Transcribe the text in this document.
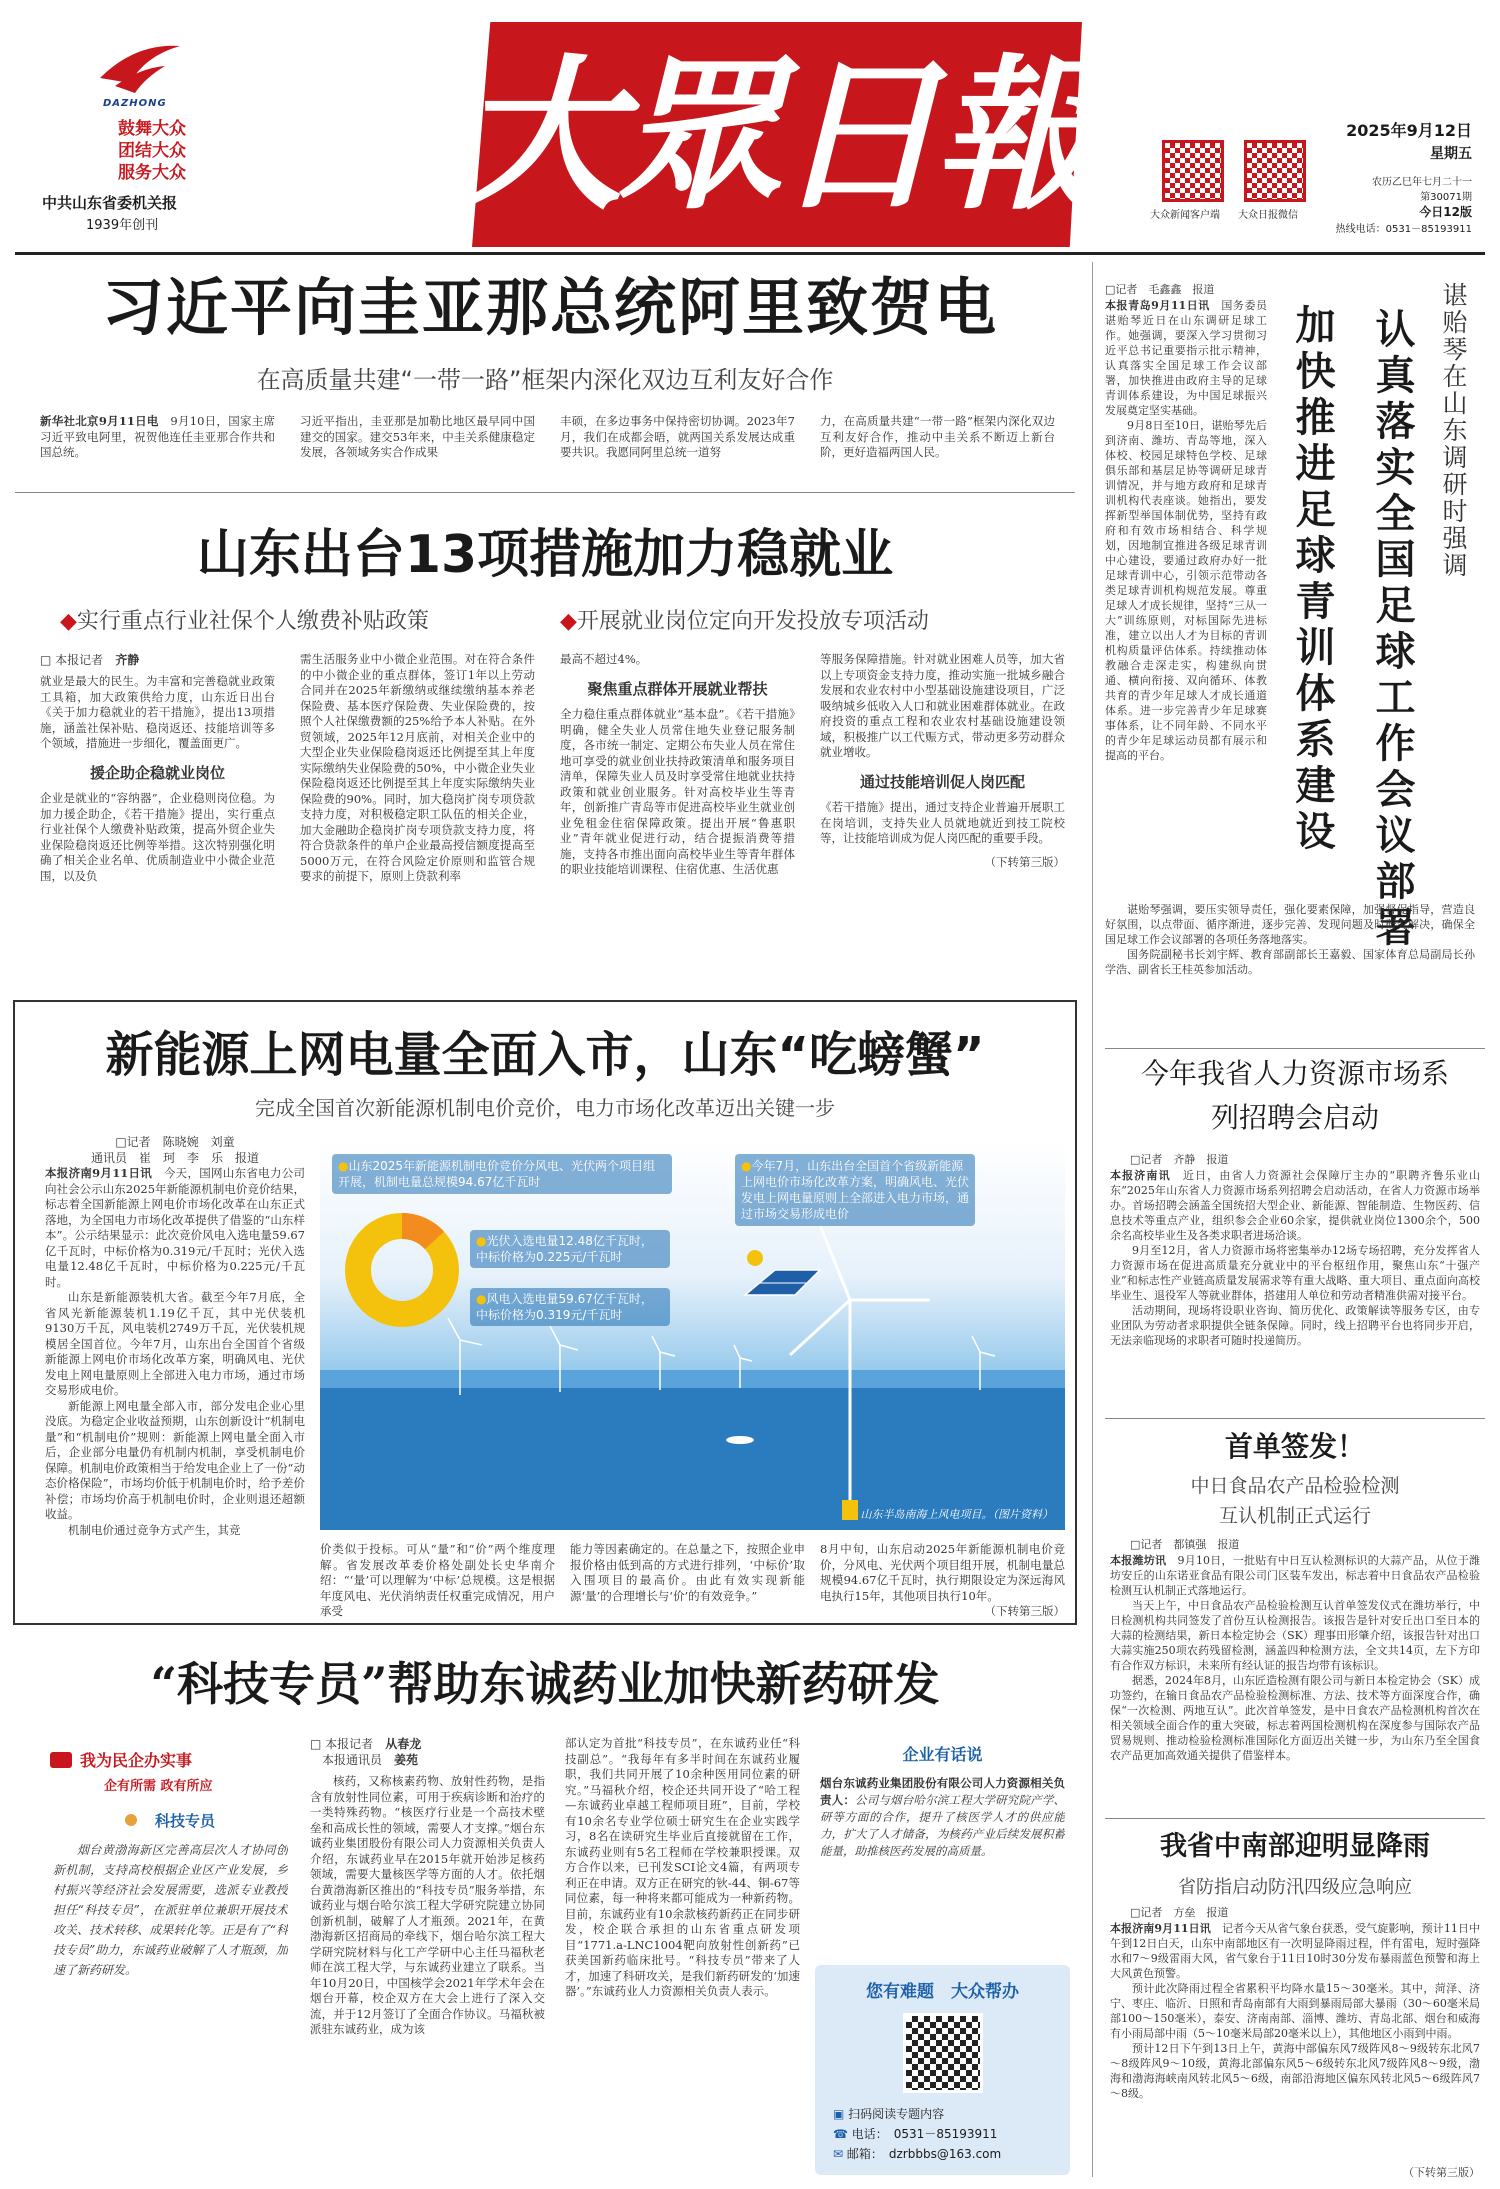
DAZHONG
鼓舞大众
团结大众
服务大众
中共山东省委机关报
1939年创刊 大眾日報	大众新闻客户端 大众日报微信
2025年9月12日
星期五
农历乙巳年七月二十一
第30071期
今日12版
热线电话：0531－85193911
习近平向圭亚那总统阿里致贺电
在高质量共建“一带一路”框架内深化双边互利友好合作
新华社北京9月11日电　 9月10日，国家主席习近平致电阿里，祝贺他连任圭亚那合作共和国总统。
习近平指出，圭亚那是加勒比地区最早同中国建交的国家。建交53年来，中圭关系健康稳定发展，各领域务实合作成果
丰硕，在多边事务中保持密切协调。2023年7月，我们在成都会晤，就两国关系发展达成重要共识。我愿同阿里总统一道努
力，在高质量共建“一带一路”框架内深化双边互利友好合作，推动中圭关系不断迈上新台阶，更好造福两国人民。
山东出台13项措施加力稳就业
◆实行重点行业社保个人缴费补贴政策	◆开展就业岗位定向开发投放专项活动
□ 本报记者　 齐静
就业是最大的民生。为丰富和完善稳就业政策工具箱，加大政策供给力度，山东近日出台《关于加力稳就业的若干措施》，提出13项措施，涵盖社保补贴、稳岗返还、技能培训等多个领域，措施进一步细化，覆盖面更广。
援企助企稳就业岗位
企业是就业的“容纳器”，企业稳则岗位稳。为加力援企助企，《若干措施》提出，实行重点行业社保个人缴费补贴政策，提高外贸企业失业保险稳岗返还比例等举措。这次特别强化明确了相关企业名单、优质制造业中小微企业范围，以及负
需生活服务业中小微企业范围。对在符合条件的中小微企业的重点群体，签订1年以上劳动合同并在2025年新缴纳或继续缴纳基本养老保险费、基本医疗保险费、失业保险费的，按照个人社保缴费额的25%给予本人补贴。在外贸领域，2025年12月底前，对相关企业中的大型企业失业保险稳岗返还比例提至其上年度实际缴纳失业保险费的50%，中小微企业失业保险稳岗返还比例提至其上年度实际缴纳失业保险费的90%。同时，加大稳岗扩岗专项贷款支持力度，对积极稳定职工队伍的相关企业，加大金融助企稳岗扩岗专项贷款支持力度，将符合贷款条件的单户企业最高授信额度提高至5000万元，在符合风险定价原则和监管合规要求的前提下，原则上贷款利率
最高不超过4%。
聚焦重点群体开展就业帮扶
全力稳住重点群体就业“基本盘”。《若干措施》明确，健全失业人员常住地失业登记服务制度，各市统一制定、定期公布失业人员在常住地可享受的就业创业扶持政策清单和服务项目清单，保障失业人员及时享受常住地就业扶持政策和就业创业服务。针对高校毕业生等青年，创新推广青岛等市促进高校毕业生就业创业免租金住宿保障政策。提出开展“鲁惠职业”青年就业促进行动，结合提振消费等措施，支持各市推出面向高校毕业生等青年群体的职业技能培训课程、住宿优惠、生活优惠
等服务保障措施。针对就业困难人员等，加大省以上专项资金支持力度，推动实施一批城乡融合发展和农业农村中小型基础设施建设项目，广泛吸纳城乡低收入人口和就业困难群体就业。在政府投资的重点工程和农业农村基础设施建设领域，积极推广以工代赈方式，带动更多劳动群众就业增收。
通过技能培训促人岗匹配
《若干措施》提出，通过支持企业普遍开展职工在岗培训，支持失业人员就地就近到技工院校等，让技能培训成为促人岗匹配的重要手段。
（下转第三版）
新能源上网电量全面入市，山东“吃螃蟹”
完成全国首次新能源机制电价竞价，电力市场化改革迈出关键一步
□记者　陈晓婉　刘童
通讯员　崔　珂　李　乐　报道
本报济南9月11日讯　 今天，国网山东省电力公司向社会公示山东2025年新能源机制电价竞价结果，标志着全国新能源上网电价市场化改革在山东正式落地，为全国电力市场化改革提供了借鉴的“山东样本”。公示结果显示：此次竞价风电入选电量59.67亿千瓦时，中标价格为0.319元/千瓦时；光伏入选电量12.48亿千瓦时，中标价格为0.225元/千瓦时。
山东是新能源装机大省。截至今年7月底，全省风光新能源装机1.19亿千瓦，其中光伏装机9130万千瓦，风电装机2749万千瓦，光伏装机规模居全国首位。今年7月，山东出台全国首个省级新能源上网电价市场化改革方案，明确风电、光伏发电上网电量原则上全部进入电力市场，通过市场交易形成电价。
新能源上网电量全部入市，部分发电企业心里没底。为稳定企业收益预期，山东创新设计“机制电量”和“机制电价”规则：新能源上网电量全面入市后，企业部分电量仍有机制内机制，享受机制电价保障。机制电价政策相当于给发电企业上了一份“动态价格保险”，市场均价低于机制电价时，给予差价补偿；市场均价高于机制电价时，企业则退还超额收益。
机制电价通过竞争方式产生，其竞
●山东2025年新能源机制电价竞价分风电、光伏两个项目组开展，机制电量总规模94.67亿千瓦时
●光伏入选电量12.48亿千瓦时，中标价格为0.225元/千瓦时
●风电入选电量59.67亿千瓦时，中标价格为0.319元/千瓦时
●今年7月，山东出台全国首个省级新能源上网电价市场化改革方案，明确风电、光伏发电上网电量原则上全部进入电力市场，通过市场交易形成电价
山东半岛南海上风电项目。（图片资料）
价类似于投标。可从“量”和“价”两个维度理解。省发展改革委价格处副处长史华南介绍：“‘量’可以理解为‘中标’总规模。这是根据年度风电、光伏消纳责任权重完成情况，用户承受
能力等因素确定的。在总量之下，按照企业申报价格由低到高的方式进行排列，‘中标价’取入围项目的最高价。由此有效实现新能源‘量’的合理增长与‘价’的有效竞争。”
8月中旬，山东启动2025年新能源机制电价竞价，分风电、光伏两个项目组开展，机制电量总规模94.67亿千瓦时，执行期限设定为深远海风电执行15年，其他项目执行10年。
（下转第三版）
“科技专员”帮助东诚药业加快新药研发
我为民企办实事
企有所需 政有所应
科技专员
烟台黄渤海新区完善高层次人才协同创新机制，支持高校根据企业区产业发展，乡村振兴等经济社会发展需要，选派专业教授担任“科技专员”，在派驻单位兼职开展技术攻关、技术转移、成果转化等。正是有了“科技专员”助力，东诚药业破解了人才瓶颈，加速了新药研发。
□ 本报记者　 从春龙
　本报通讯员　 姜苑
核药，又称核素药物、放射性药物，是指含有放射性同位素，可用于疾病诊断和治疗的一类特殊药物。“核医疗行业是一个高技术壁垒和高成长性的领域，需要人才支撑。”烟台东诚药业集团股份有限公司人力资源相关负责人介绍，东诚药业早在2015年就开始涉足核药领域，需要大量核医学等方面的人才。依托烟台黄渤海新区推出的“科技专员”服务举措，东诚药业与烟台哈尔滨工程大学研究院建立协同创新机制，破解了人才瓶颈。2021年，在黄渤海新区招商局的牵线下，烟台哈尔滨工程大学研究院材料与化工产学研中心主任马福秋老师在滨工程大学，与东诚药业建立了联系。当年10月20日，中国核学会2021年学术年会在烟台开幕，校企双方在大会上进行了深入交流，并于12月签订了全面合作协议。马福秋被派驻东诚药业，成为该
部认定为首批“科技专员”，在东诚药业任“科技副总”。“我每年有多半时间在东诚药业履职，我们共同开展了10余种医用同位素的研究。”马福秋介绍，校企还共同开设了“哈工程—东诚药业卓越工程师项目班”，目前，学校有10余名专业学位硕士研究生在企业实践学习，8名在读研究生毕业后直接就留在工作，东诚药业则有5名工程师在学校兼职授课。双方合作以来，已刊发SCI论文4篇，有两项专利正在申请。双方正在研究的钬-44、铜-67等同位素，每一种将来都可能成为一种新药物。目前，东诚药业有10余款核药新药正在同步研发，校企联合承担的山东省重点研发项目“1771.a-LNC1004靶向放射性创新药”已获美国新药临床批号。“科技专员”带来了人才，加速了科研攻关，是我们新药研发的‘加速器’。”东诚药业人力资源相关负责人表示。
企业有话说
烟台东诚药业集团股份有限公司人力资源相关负责人：公司与烟台哈尔滨工程大学研究院产学、研等方面的合作，提升了核医学人才的供应能力，扩大了人才储备，为核药产业后续发展积蓄能量，助推核医药发展的高质量。
您有难题　大众帮办
▣ 扫码阅读专题内容
☎ 电话：　0531－85193911
✉ 邮箱：　dzrbbbs@163.com
谌贻琴在山东调研时强调
认真落实全国足球工作会议部署
加快推进足球青训体系建设
□记者　毛鑫鑫　报道
本报青岛9月11日讯　 国务委员谌贻琴近日在山东调研足球工作。她强调，要深入学习贯彻习近平总书记重要指示批示精神，认真落实全国足球工作会议部署，加快推进由政府主导的足球青训体系建设，为中国足球振兴发展奠定坚实基础。
9月8日至10日，谌贻琴先后到济南、潍坊、青岛等地，深入体校、校园足球特色学校、足球俱乐部和基层足协等调研足球青训情况，并与地方政府和足球青训机构代表座谈。她指出，要发挥新型举国体制优势，坚持有政府和有效市场相结合、科学规划，因地制宜推进各级足球青训中心建设，要通过政府办好一批足球青训中心，引领示范带动各类足球青训机构规范发展。尊重足球人才成长规律，坚持“三从一大”训练原则，对标国际先进标准，建立以出人才为目标的青训机构质量评估体系。持续推动体教融合走深走实，构建纵向贯通、横向衔接、双向循环、体教共育的青少年足球人才成长通道体系。进一步完善青少年足球赛事体系，让不同年龄、不同水平的青少年足球运动员都有展示和提高的平台。
谌贻琴强调，要压实领导责任，强化要素保障，加强督促指导，营造良好氛围，以点带面、循序渐进，逐步完善、发现问题及时研究解决，确保全国足球工作会议部署的各项任务落地落实。
国务院副秘书长刘宇辉、教育部副部长王嘉毅、国家体育总局副局长孙学浩、副省长王桂英参加活动。
今年我省人力资源市场系列招聘会启动
□记者　齐静　报道
本报济南讯　 近日，由省人力资源社会保障厅主办的“职聘齐鲁乐业山东”2025年山东省人力资源市场系列招聘会启动活动，在省人力资源市场举办。首场招聘会涵盖全国统招大型企业、新能源、智能制造、生物医药、信息技术等重点产业，组织参会企业60余家，提供就业岗位1300余个，500余名高校毕业生及各类求职者进场洽谈。
9月至12月，省人力资源市场将密集举办12场专场招聘，充分发挥省人力资源市场在促进高质量充分就业中的平台枢纽作用，聚焦山东“十强产业”和标志性产业链高质量发展需求等有重大战略、重大项目、重点面向高校毕业生、退役军人等就业群体，搭建用人单位和劳动者精准供需对接平台。
活动期间，现场将设职业咨询、简历优化、政策解读等服务专区，由专业团队为劳动者求职提供全链条保障。同时，线上招聘平台也将同步开启，无法亲临现场的求职者可随时投递简历。
首单签发！
中日食品农产品检验检测
互认机制正式运行
□记者　都镇强　报道
本报潍坊讯　 9月10日，一批贴有中日互认检测标识的大蒜产品，从位于潍坊安丘的山东诺亚食品有限公司门区装车发出，标志着中日食品农产品检验检测互认机制正式落地运行。
当天上午，中日食品农产品检验检测互认首单签发仪式在潍坊举行，中日检测机构共同签发了首份互认检测报告。该报告是针对安丘出口至日本的大蒜的检测结果，新日本检定协会（SK）理事田形肇介绍，该报告针对出口大蒜实施250项农药残留检测，涵盖四种检测方法，全文共14页，左下方印有合作双方标识，未来所有经认证的报告均带有该标识。
据悉，2024年8月，山东匠造检测有限公司与新日本检定协会（SK）成功签约，在输日食品农产品检验检测标准、方法、技术等方面深度合作，确保“一次检测、两地互认”。此次首单签发，是中日食农产品检测机构首次在相关领域全面合作的重大突破，标志着两国检测机构在深度参与国际农产品贸易规则、推动检验检测标准国际化方面迈出关键一步，为山东乃至全国食农产品更加高效通关提供了借鉴样本。
我省中南部迎明显降雨
省防指启动防汛四级应急响应
□记者　方垒　报道
本报济南9月11日讯　 记者今天从省气象台获悉，受气旋影响，预计11日中午到12日白天，山东中南部地区有一次明显降雨过程，伴有雷电，短时强降水和7～9级雷雨大风，省气象台于11日10时30分发布暴雨蓝色预警和海上大风黄色预警。
预计此次降雨过程全省累积平均降水量15～30毫米。其中，菏泽、济宁、枣庄、临沂、日照和青岛南部有大雨到暴雨局部大暴雨（30～60毫米局部100～150毫米），泰安、济南南部、淄博、潍坊、青岛北部、烟台和威海有小雨局部中雨（5～10毫米局部20毫米以上），其他地区小雨到中雨。
预计12日下午到13日上午，黄海中部偏东风7级阵风8～9级转东北风7～8级阵风9～10级，黄海北部偏东风5～6级转东北风7级阵风8～9级，渤海和渤海海峡南风转北风5～6级，南部沿海地区偏东风转北风5～6级阵风7～8级。
（下转第三版）
